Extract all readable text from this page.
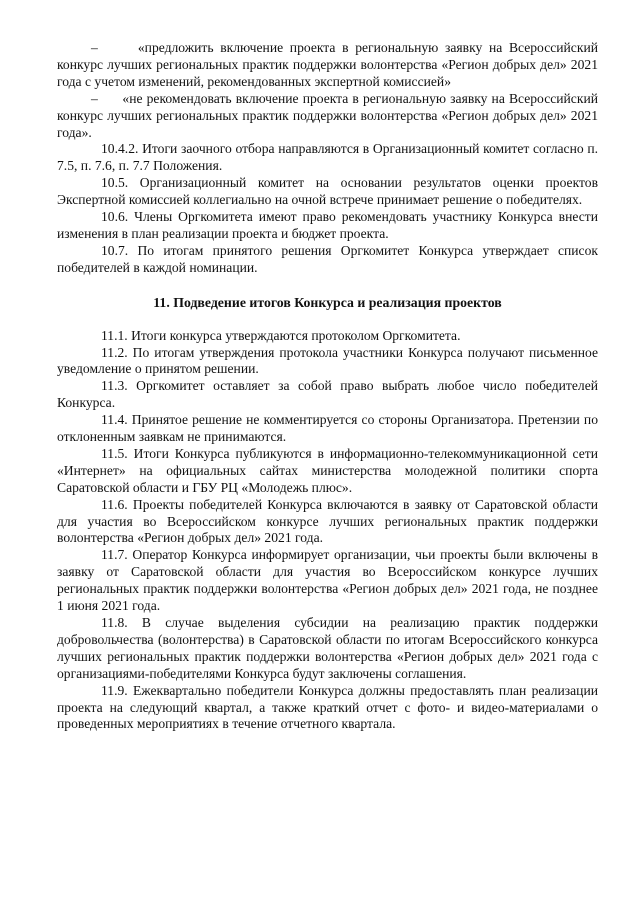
–      «предложить включение проекта в региональную заявку на Всероссийский конкурс лучших региональных практик поддержки волонтерства «Регион добрых дел» 2021 года с учетом изменений, рекомендованных экспертной комиссией»

–      «не рекомендовать включение проекта в региональную заявку на Всероссийский конкурс лучших региональных практик поддержки волонтерства «Регион добрых дел» 2021 года».

10.4.2. Итоги заочного отбора направляются в Организационный комитет согласно п. 7.5, п. 7.6, п. 7.7 Положения.

10.5. Организационный комитет на основании результатов оценки проектов Экспертной комиссией коллегиально на очной встрече принимает решение о победителях.

10.6. Члены Оргкомитета имеют право рекомендовать участнику Конкурса внести изменения в план реализации проекта и бюджет проекта.

10.7. По итогам принятого решения Оргкомитет Конкурса утверждает список победителей в каждой номинации.

11. Подведение итогов Конкурса и реализация проектов

11.1. Итоги конкурса утверждаются протоколом Оргкомитета.

11.2. По итогам утверждения протокола участники Конкурса получают письменное уведомление о принятом решении.

11.3. Оргкомитет оставляет за собой право выбрать любое число победителей Конкурса.

11.4. Принятое решение не комментируется со стороны Организатора. Претензии по отклоненным заявкам не принимаются.

11.5. Итоги Конкурса публикуются в информационно-телекоммуникационной сети «Интернет» на официальных сайтах министерства молодежной политики спорта Саратовской области и ГБУ РЦ «Молодежь плюс».

11.6. Проекты победителей Конкурса включаются в заявку от Саратовской области для участия во Всероссийском конкурсе лучших региональных практик поддержки волонтерства «Регион добрых дел» 2021 года.

11.7. Оператор Конкурса информирует организации, чьи проекты были включены в заявку от Саратовской области для участия во Всероссийском конкурсе лучших региональных практик поддержки волонтерства «Регион добрых дел» 2021 года, не позднее 1 июня 2021 года.

11.8. В случае выделения субсидии на реализацию практик поддержки добровольчества (волонтерства) в Саратовской области по итогам Всероссийского конкурса лучших региональных практик поддержки волонтерства «Регион добрых дел» 2021 года с организациями-победителями Конкурса будут заключены соглашения.

11.9. Ежеквартально победители Конкурса должны предоставлять план реализации проекта на следующий квартал, а также краткий отчет с фото- и видео-материалами о проведенных мероприятиях в течение отчетного квартала.
